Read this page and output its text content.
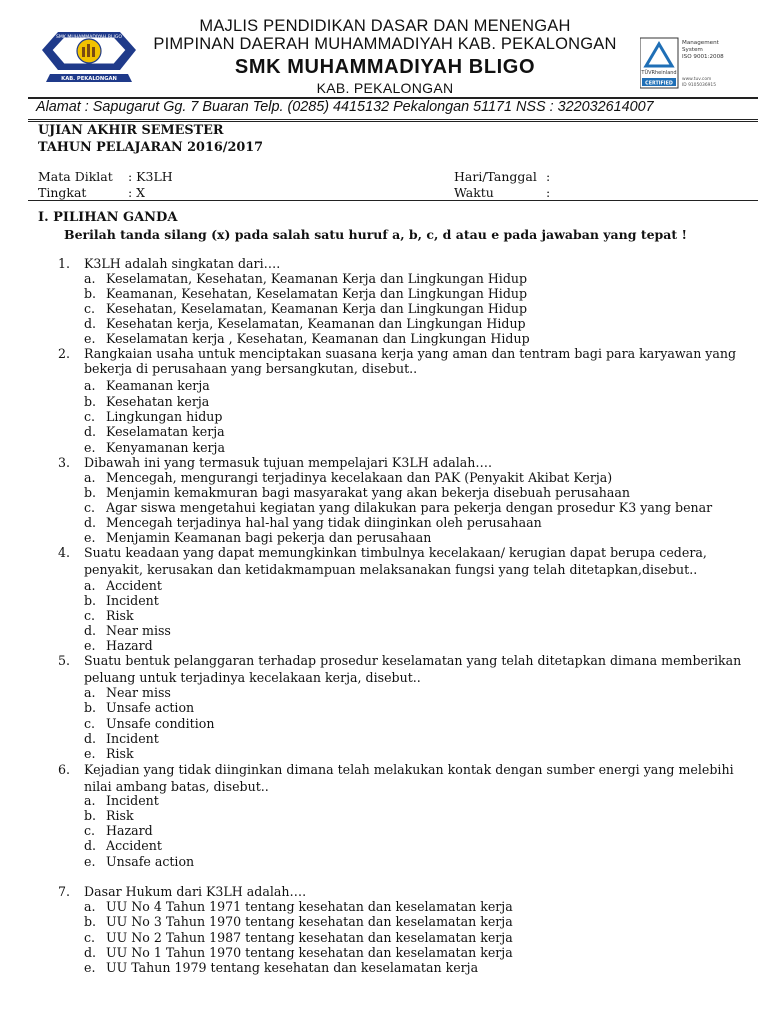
SMK MUHAMMADIYAH BLIGO
KAB. PEKALONGAN
MAJLIS PENDIDIKAN DASAR DAN MENENGAH
PIMPINAN DAERAH MUHAMMADIYAH KAB. PEKALONGAN
SMK MUHAMMADIYAH BLIGO
KAB. PEKALONGAN
TÜVRheinland
CERTIFIED
Management
System
ISO 9001:2008
www.tuv.com
ID 9105036915
Alamat : Sapugarut Gg. 7 Buaran Telp. (0285) 4415132 Pekalongan 51171 NSS : 322032614007
UJIAN AKHIR SEMESTER
TAHUN PELAJARAN 2016/2017
Mata Diklat : K3LH
Tingkat	: X
Hari/Tanggal :
Waktu	:
I. PILIHAN GANDA
Berilah tanda silang (x) pada salah satu huruf a, b, c, d atau e pada jawaban yang tepat !
1. K3LH adalah singkatan dari….
a. Keselamatan, Kesehatan, Keamanan Kerja dan Lingkungan Hidup
b. Keamanan, Kesehatan, Keselamatan Kerja dan Lingkungan Hidup
c. Kesehatan, Keselamatan, Keamanan Kerja dan Lingkungan Hidup
d. Kesehatan kerja, Keselamatan, Keamanan dan Lingkungan Hidup
e. Keselamatan kerja , Kesehatan, Keamanan dan Lingkungan Hidup
2. Rangkaian usaha untuk menciptakan suasana kerja yang aman dan tentram bagi para karyawan yang
bekerja di perusahaan yang bersangkutan, disebut..
a. Keamanan kerja
b. Kesehatan kerja
c. Lingkungan hidup
d. Keselamatan kerja
e. Kenyamanan kerja
3. Dibawah ini yang termasuk tujuan mempelajari K3LH adalah….
a. Mencegah, mengurangi terjadinya kecelakaan dan PAK (Penyakit Akibat Kerja)
b. Menjamin kemakmuran bagi masyarakat yang akan bekerja disebuah perusahaan
c. Agar siswa mengetahui kegiatan yang dilakukan para pekerja dengan prosedur K3 yang benar
d. Mencegah terjadinya hal-hal yang tidak diinginkan oleh perusahaan
e. Menjamin Keamanan bagi pekerja dan perusahaan
4. Suatu keadaan yang dapat memungkinkan timbulnya kecelakaan/ kerugian dapat berupa cedera,
penyakit, kerusakan dan ketidakmampuan melaksanakan fungsi yang telah ditetapkan,disebut..
a. Accident
b. Incident
c. Risk
d. Near miss
e. Hazard
5. Suatu bentuk pelanggaran terhadap prosedur keselamatan yang telah ditetapkan dimana memberikan
peluang untuk terjadinya kecelakaan kerja, disebut..
a. Near miss
b. Unsafe action
c. Unsafe condition
d. Incident
e. Risk
6. Kejadian yang tidak diinginkan dimana telah melakukan kontak dengan sumber energi yang melebihi
nilai ambang batas, disebut..
a. Incident
b. Risk
c. Hazard
d. Accident
e. Unsafe action
7. Dasar Hukum dari K3LH adalah….
a. UU No 4 Tahun 1971 tentang kesehatan dan keselamatan kerja
b. UU No 3 Tahun 1970 tentang kesehatan dan keselamatan kerja
c. UU No 2 Tahun 1987 tentang kesehatan dan keselamatan kerja
d. UU No 1 Tahun 1970 tentang kesehatan dan keselamatan kerja
e. UU Tahun 1979 tentang kesehatan dan keselamatan kerja
